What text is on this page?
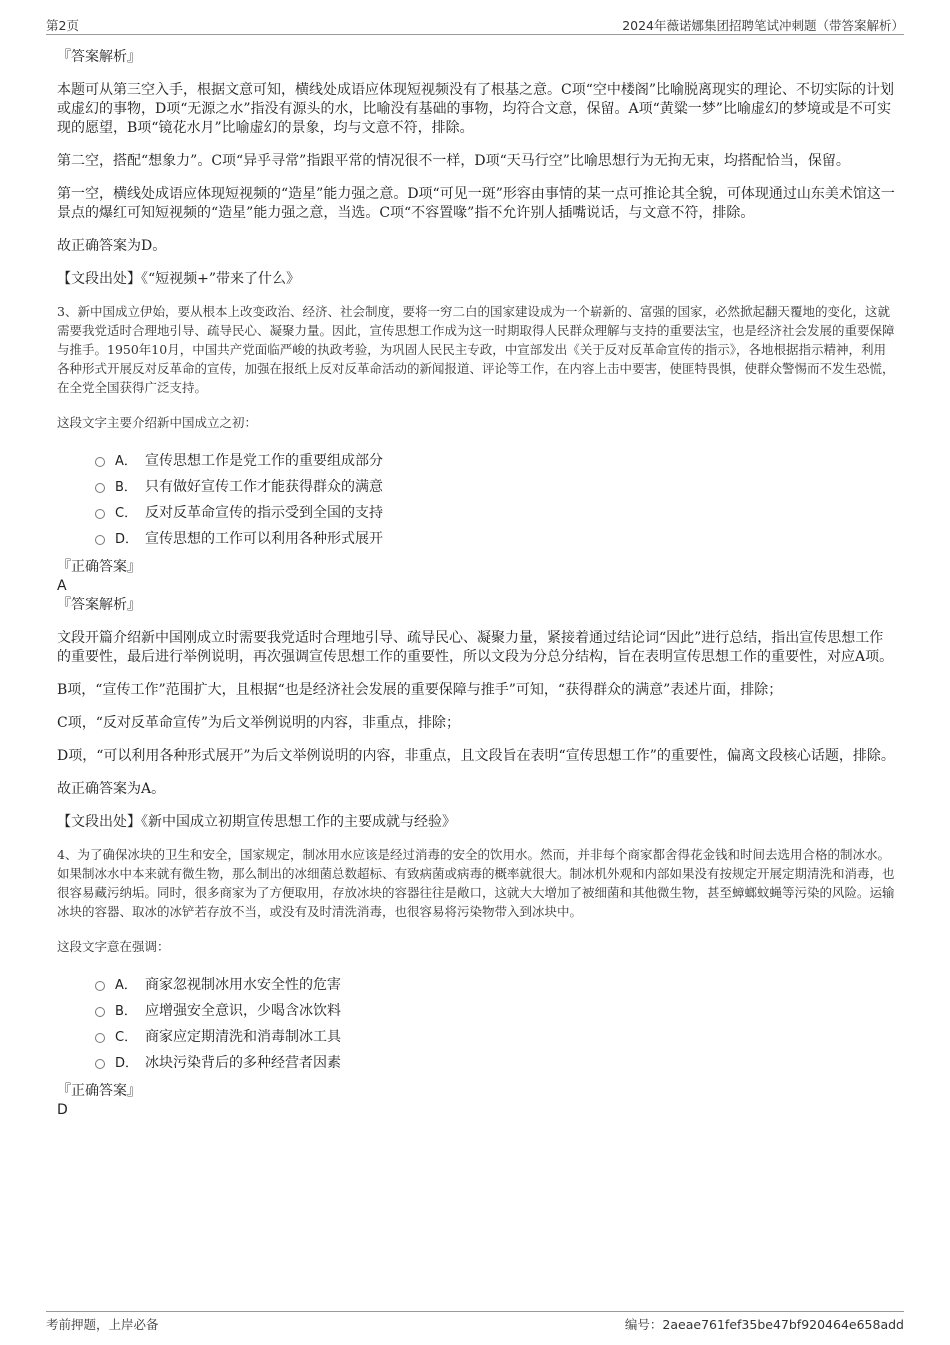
第2页	2024年薇诺娜集团招聘笔试冲刺题（带答案解析）

『答案解析』

本题可从第三空入手，根据文意可知，横线处成语应体现短视频没有了根基之意。C项“空中楼阁”比喻脱离现实的理论、不切实际的计划或虚幻的事物，D项“无源之水”指没有源头的水，比喻没有基础的事物，均符合文意，保留。A项“黄粱一梦”比喻虚幻的梦境或是不可实现的愿望，B项“镜花水月”比喻虚幻的景象，均与文意不符，排除。

第二空，搭配“想象力”。C项“异乎寻常”指跟平常的情况很不一样，D项“天马行空”比喻思想行为无拘无束，均搭配恰当，保留。

第一空，横线处成语应体现短视频的“造星”能力强之意。D项“可见一斑”形容由事情的某一点可推论其全貌，可体现通过山东美术馆这一景点的爆红可知短视频的“造星”能力强之意，当选。C项“不容置喙”指不允许别人插嘴说话，与文意不符，排除。

故正确答案为D。

【文段出处】《“短视频+”带来了什么》

3、新中国成立伊始，要从根本上改变政治、经济、社会制度，要将一穷二白的国家建设成为一个崭新的、富强的国家，必然掀起翻天覆地的变化，这就需要我党适时合理地引导、疏导民心、凝聚力量。因此，宣传思想工作成为这一时期取得人民群众理解与支持的重要法宝，也是经济社会发展的重要保障与推手。1950年10月，中国共产党面临严峻的执政考验，为巩固人民民主专政，中宣部发出《关于反对反革命宣传的指示》，各地根据指示精神，利用各种形式开展反对反革命的宣传，加强在报纸上反对反革命活动的新闻报道、评论等工作，在内容上击中要害，使匪特畏惧，使群众警惕而不发生恐慌，在全党全国获得广泛支持。

这段文字主要介绍新中国成立之初：

A． 宣传思想工作是党工作的重要组成部分
B． 只有做好宣传工作才能获得群众的满意
C． 反对反革命宣传的指示受到全国的支持
D． 宣传思想的工作可以利用各种形式展开

『正确答案』

A

『答案解析』

文段开篇介绍新中国刚成立时需要我党适时合理地引导、疏导民心、凝聚力量，紧接着通过结论词“因此”进行总结，指出宣传思想工作的重要性，最后进行举例说明，再次强调宣传思想工作的重要性，所以文段为分总分结构，旨在表明宣传思想工作的重要性，对应A项。

B项，“宣传工作”范围扩大，且根据“也是经济社会发展的重要保障与推手”可知，“获得群众的满意”表述片面，排除；

C项，“反对反革命宣传”为后文举例说明的内容，非重点，排除；

D项，“可以利用各种形式展开”为后文举例说明的内容，非重点，且文段旨在表明“宣传思想工作”的重要性，偏离文段核心话题，排除。

故正确答案为A。

【文段出处】《新中国成立初期宣传思想工作的主要成就与经验》

4、为了确保冰块的卫生和安全，国家规定，制冰用水应该是经过消毒的安全的饮用水。然而，并非每个商家都舍得花金钱和时间去选用合格的制冰水。如果制冰水中本来就有微生物，那么制出的冰细菌总数超标、有致病菌或病毒的概率就很大。制冰机外观和内部如果没有按规定开展定期清洗和消毒，也很容易藏污纳垢。同时，很多商家为了方便取用，存放冰块的容器往往是敞口，这就大大增加了被细菌和其他微生物，甚至蟑螂蚊蝇等污染的风险。运输冰块的容器、取冰的冰铲若存放不当，或没有及时清洗消毒，也很容易将污染物带入到冰块中。

这段文字意在强调：

A． 商家忽视制冰用水安全性的危害
B． 应增强安全意识，少喝含冰饮料
C． 商家应定期清洗和消毒制冰工具
D． 冰块污染背后的多种经营者因素

『正确答案』

D

考前押题，上岸必备	编号：2aeae761fef35be47bf920464e658add
